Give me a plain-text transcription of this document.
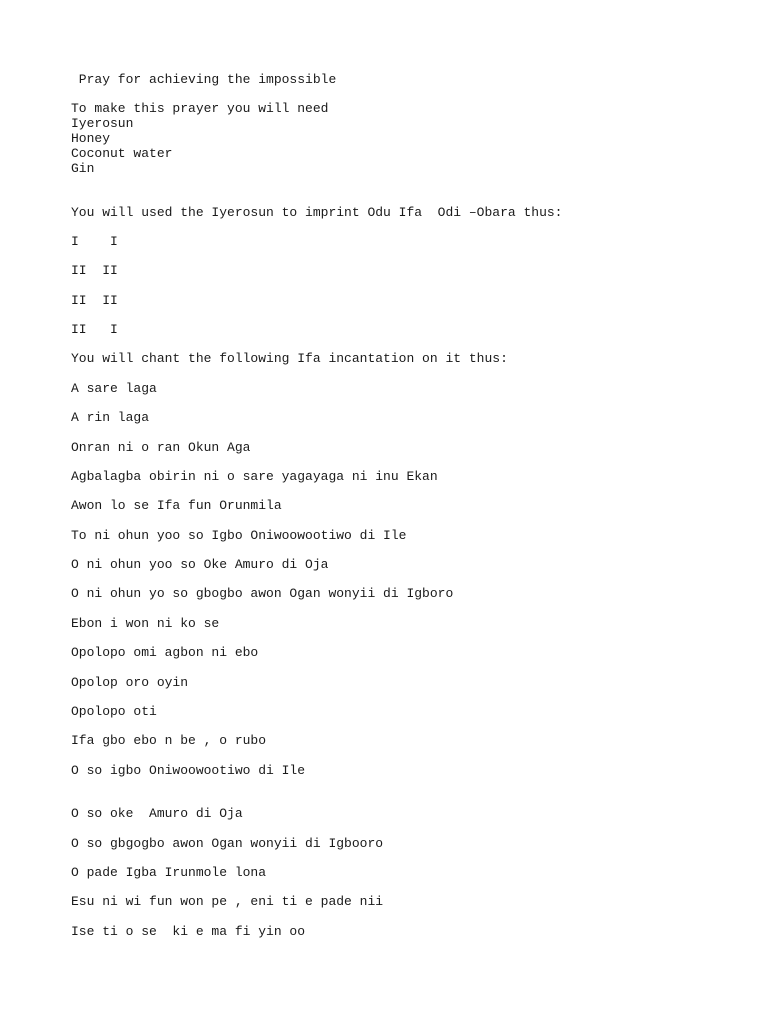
Pray for achieving the impossible
To make this prayer you will need
Iyerosun
Honey
Coconut water
Gin
You will used the Iyerosun to imprint Odu Ifa  Odi –Obara thus:
I    I
II  II
II  II
II   I
You will chant the following Ifa incantation on it thus:
A sare laga
A rin laga
Onran ni o ran Okun Aga
Agbalagba obirin ni o sare yagayaga ni inu Ekan
Awon lo se Ifa fun Orunmila
To ni ohun yoo so Igbo Oniwoowootiwo di Ile
O ni ohun yoo so Oke Amuro di Oja
O ni ohun yo so gbogbo awon Ogan wonyii di Igboro
Ebon i won ni ko se
Opolopo omi agbon ni ebo
Opolop oro oyin
Opolopo oti
Ifa gbo ebo n be , o rubo
O so igbo Oniwoowootiwo di Ile
O so oke  Amuro di Oja
O so gbgogbo awon Ogan wonyii di Igbooro
O pade Igba Irunmole lona
Esu ni wi fun won pe , eni ti e pade nii
Ise ti o se  ki e ma fi yin oo
